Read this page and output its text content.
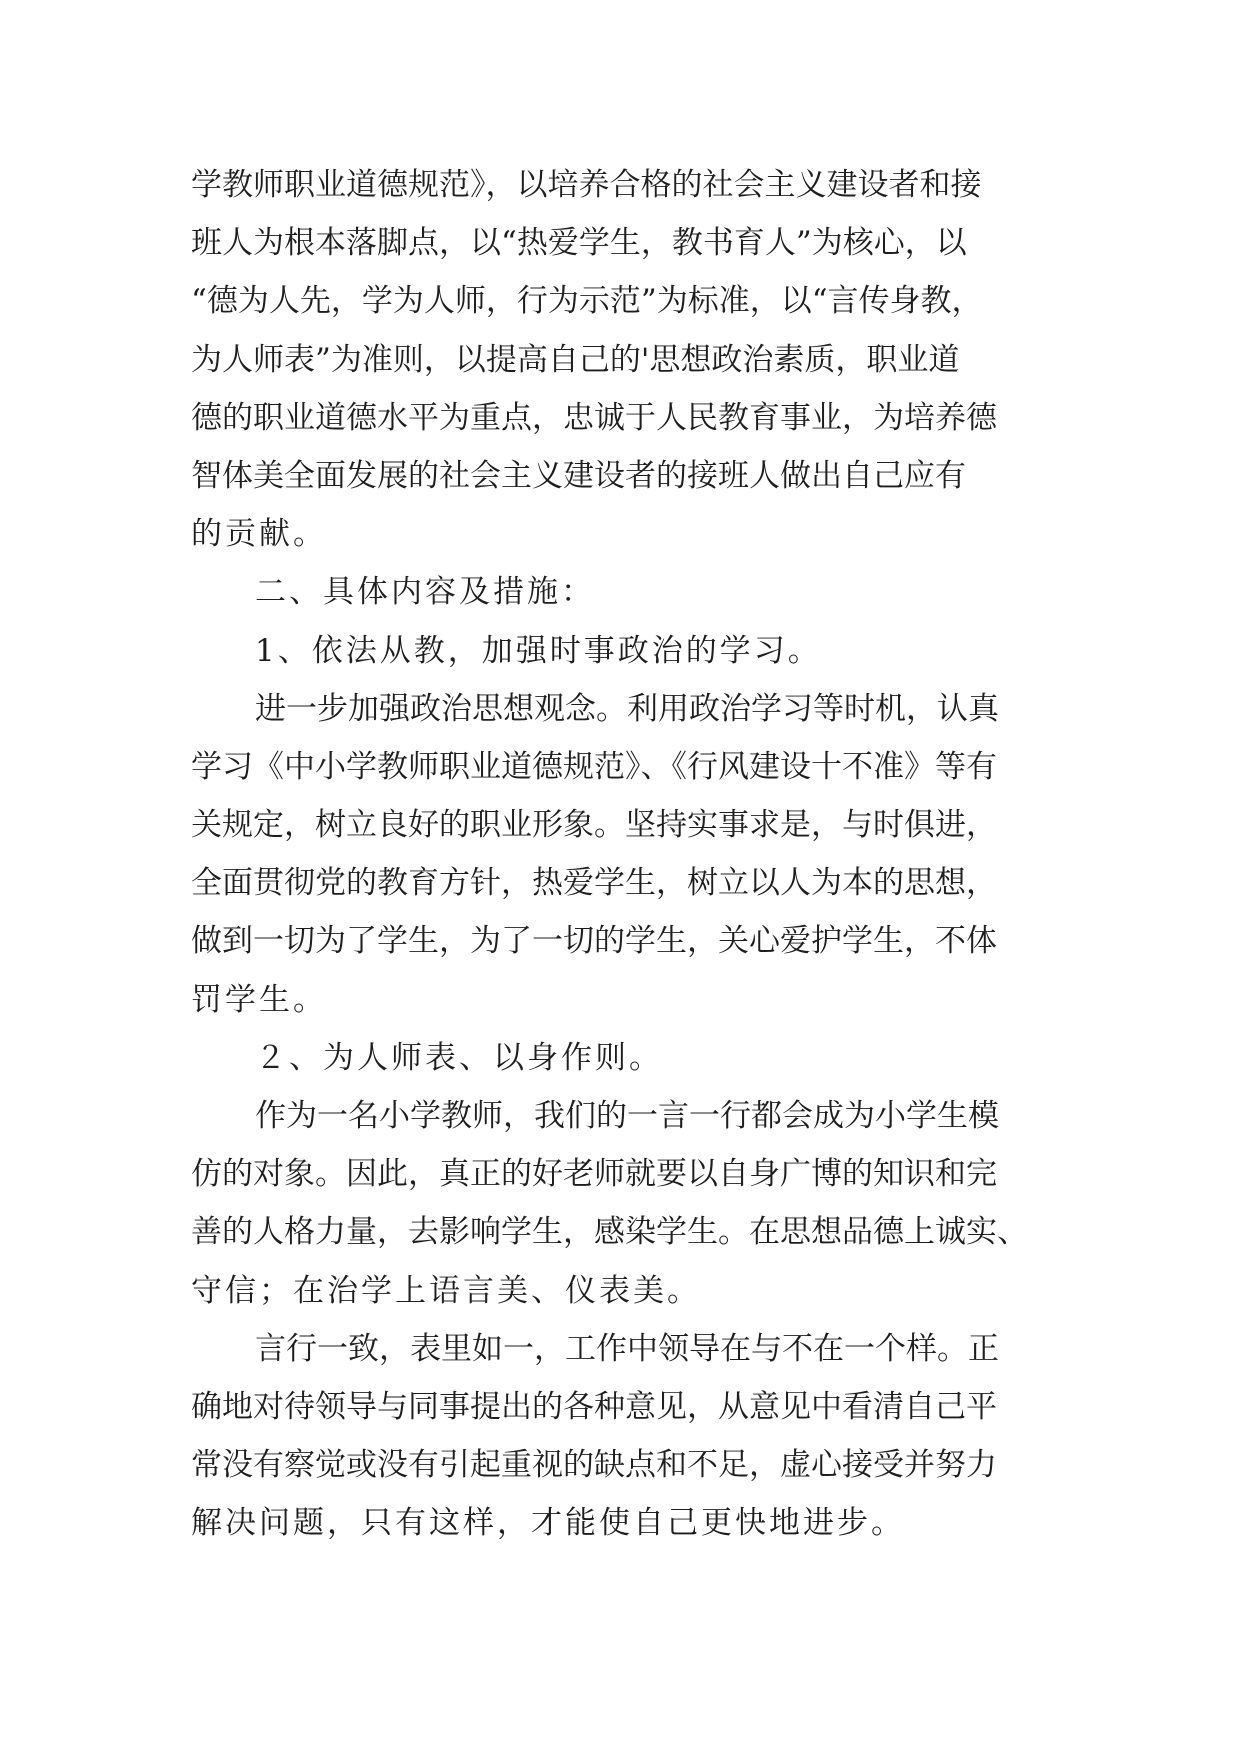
学教师职业道德规范》，以培养合格的社会主义建设者和接

班人为根本落脚点，以“热爱学生，教书育人”为核心，以

“德为人先，学为人师，行为示范”为标准，以“言传身教，

为人师表”为准则，以提高自己的'思想政治素质，职业道

德的职业道德水平为重点，忠诚于人民教育事业，为培养德

智体美全面发展的社会主义建设者的接班人做出自己应有

的贡献。

二、具体内容及措施：

1、依法从教，加强时事政治的学习。

进一步加强政治思想观念。利用政治学习等时机，认真

学习《中小学教师职业道德规范》、《行风建设十不准》等有

关规定，树立良好的职业形象。坚持实事求是，与时俱进，

全面贯彻党的教育方针，热爱学生，树立以人为本的思想，

做到一切为了学生，为了一切的学生，关心爱护学生，不体

罚学生。

２、为人师表、以身作则。

作为一名小学教师，我们的一言一行都会成为小学生模

仿的对象。因此，真正的好老师就要以自身广博的知识和完

善的人格力量，去影响学生，感染学生。在思想品德上诚实、

守信；在治学上语言美、仪表美。

言行一致，表里如一，工作中领导在与不在一个样。正

确地对待领导与同事提出的各种意见，从意见中看清自己平

常没有察觉或没有引起重视的缺点和不足，虚心接受并努力

解决问题，只有这样，才能使自己更快地进步。
